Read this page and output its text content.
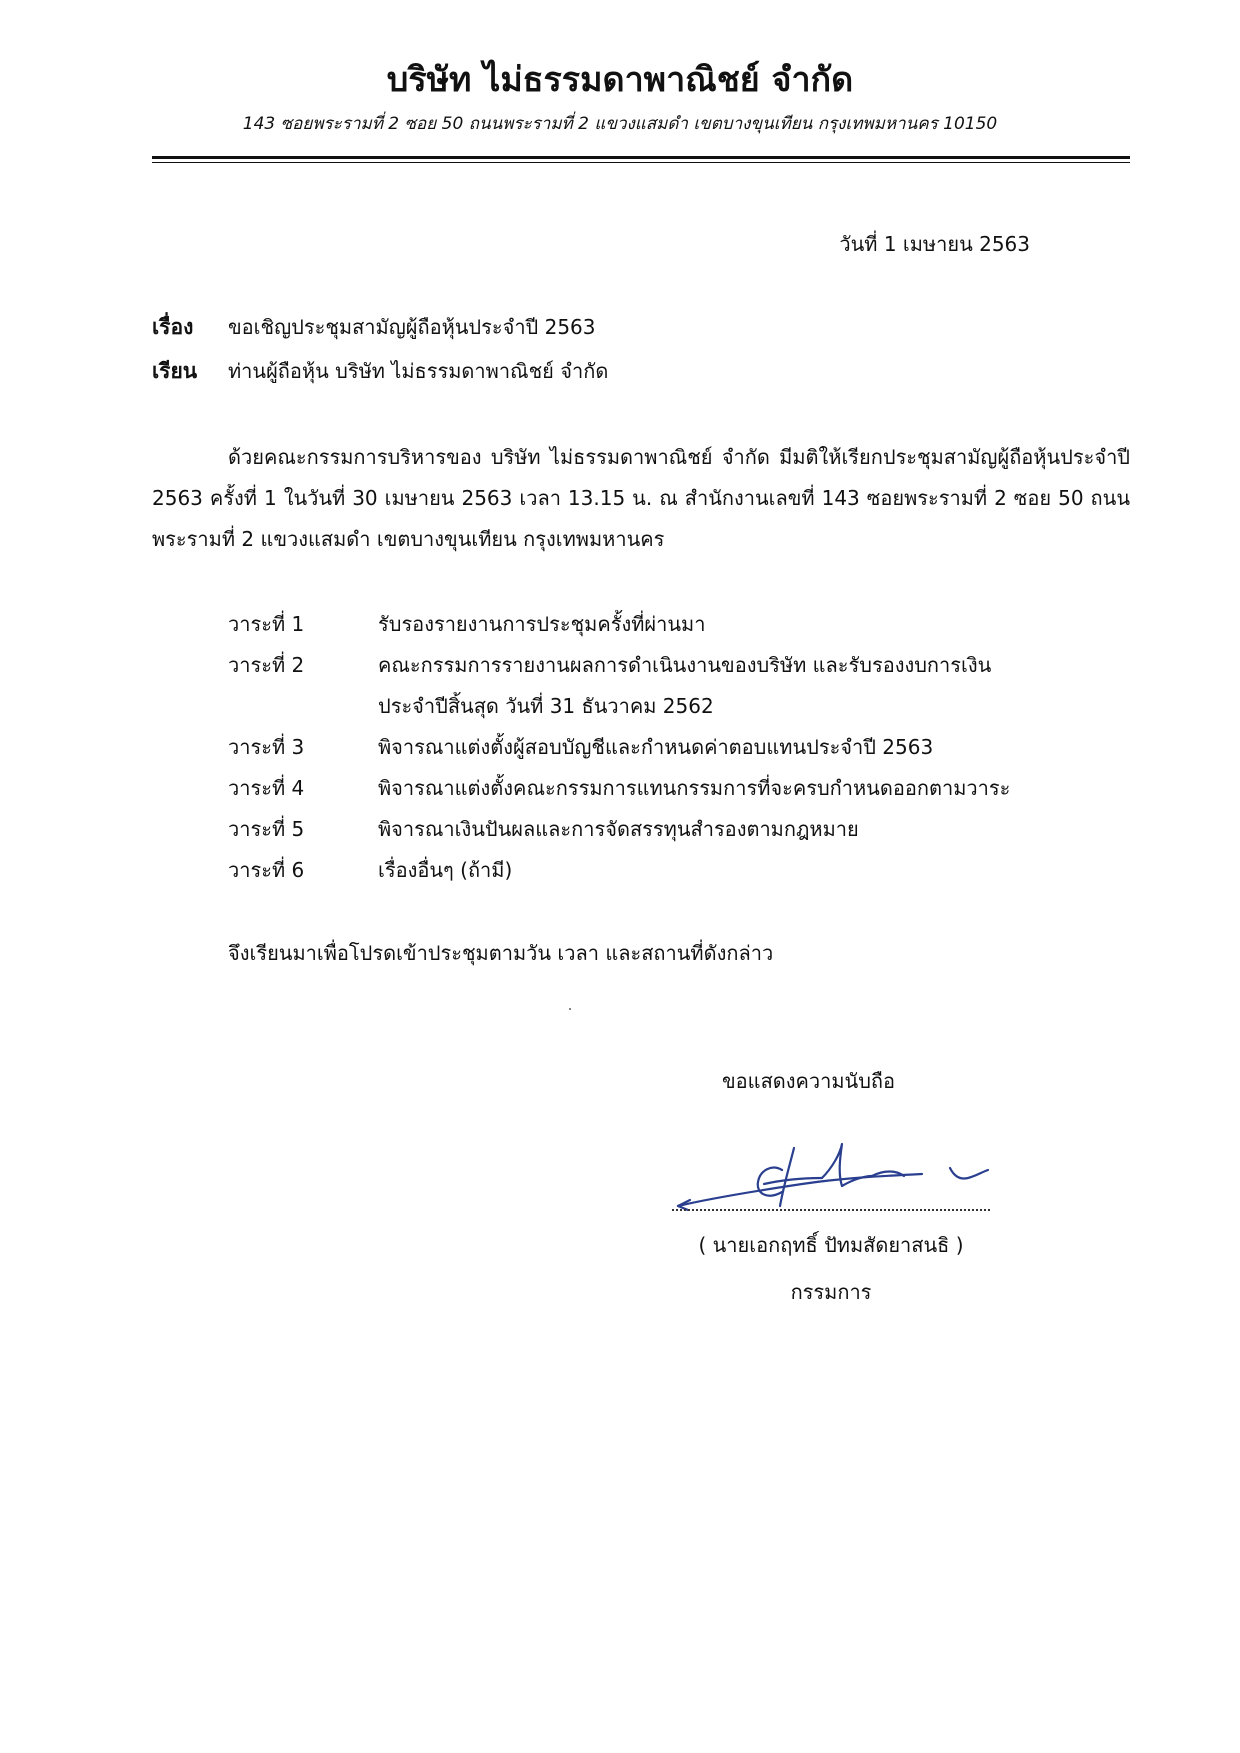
บริษัท ไม่ธรรมดาพาณิชย์ จำกัด
143 ซอยพระรามที่ 2 ซอย 50 ถนนพระรามที่ 2 แขวงแสมดำ เขตบางขุนเทียน กรุงเทพมหานคร 10150
วันที่ 1 เมษายน 2563
เรื่อง ขอเชิญประชุมสามัญผู้ถือหุ้นประจำปี 2563
เรียน ท่านผู้ถือหุ้น บริษัท ไม่ธรรมดาพาณิชย์ จำกัด
ด้วยคณะกรรมการบริหารของ บริษัท ไม่ธรรมดาพาณิชย์ จำกัด มีมติให้เรียกประชุมสามัญผู้ถือหุ้นประจำปี 2563 ครั้งที่ 1 ในวันที่ 30 เมษายน 2563 เวลา 13.15 น. ณ สำนักงานเลขที่ 143 ซอยพระรามที่ 2 ซอย 50 ถนนพระรามที่ 2 แขวงแสมดำ เขตบางขุนเทียน กรุงเทพมหานคร
วาระที่ 1	รับรองรายงานการประชุมครั้งที่ผ่านมา
วาระที่ 2	คณะกรรมการรายงานผลการดำเนินงานของบริษัท และรับรองงบการเงิน ประจำปีสิ้นสุด วันที่ 31 ธันวาคม 2562
วาระที่ 3	พิจารณาแต่งตั้งผู้สอบบัญชีและกำหนดค่าตอบแทนประจำปี 2563
วาระที่ 4	พิจารณาแต่งตั้งคณะกรรมการแทนกรรมการที่จะครบกำหนดออกตามวาระ
วาระที่ 5	พิจารณาเงินปันผลและการจัดสรรทุนสำรองตามกฎหมาย
วาระที่ 6	เรื่องอื่นๆ (ถ้ามี)
จึงเรียนมาเพื่อโปรดเข้าประชุมตามวัน เวลา และสถานที่ดังกล่าว
ขอแสดงความนับถือ
( นายเอกฤทธิ์ ปัทมสัดยาสนธิ )
กรรมการ
